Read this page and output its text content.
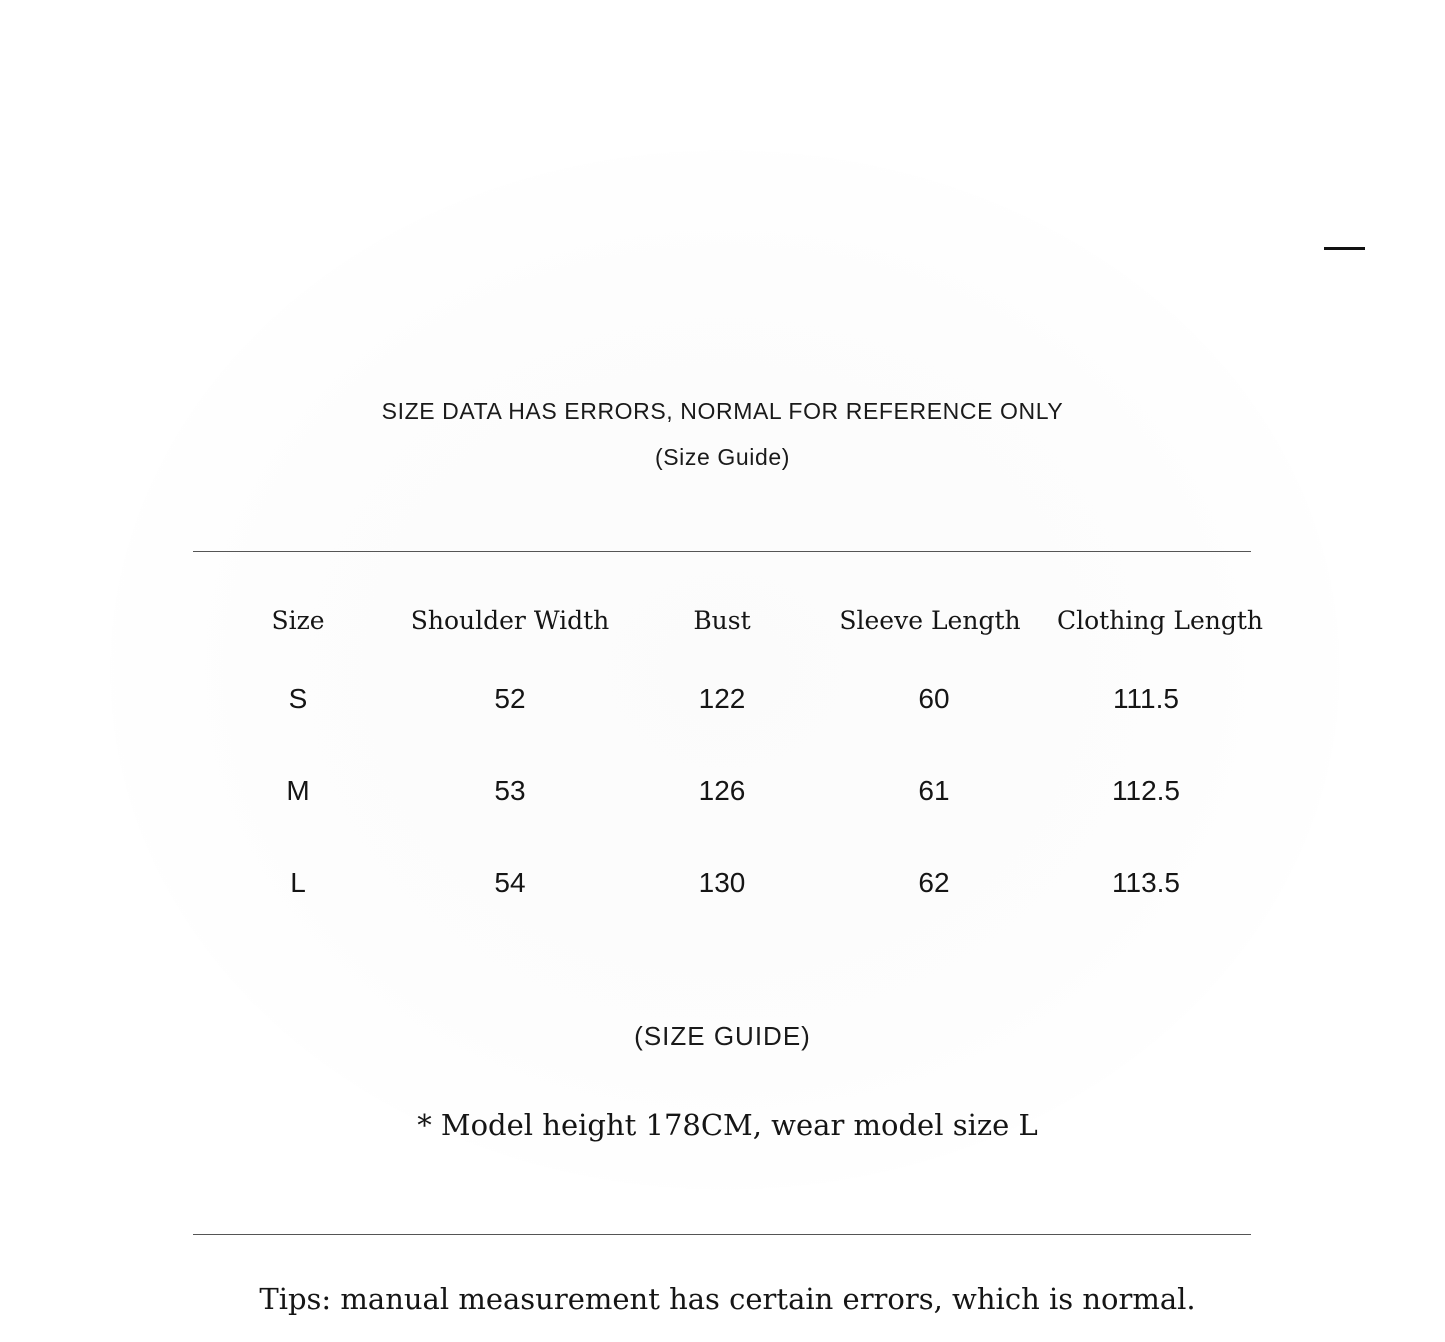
SIZE DATA HAS ERRORS, NORMAL FOR REFERENCE ONLY
(Size Guide)
Size	Shoulder Width	Bust	Sleeve Length	Clothing Length
S	52	122	60	111.5
M	53	126	61	112.5
L	54	130	62	113.5
(SIZE GUIDE)
* Model height 178CM, wear model size L
Tips: manual measurement has certain errors, which is normal.
